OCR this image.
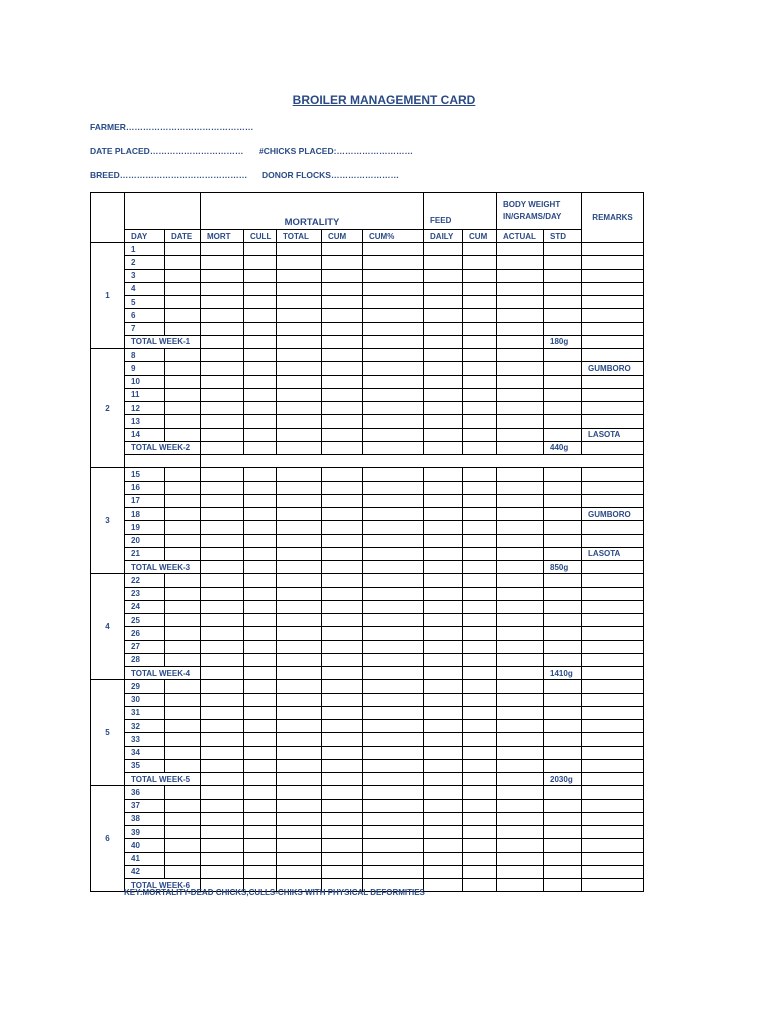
BROILER MANAGEMENT CARD
FARMER………………………………………
DATE PLACED…………………………… #CHICKS PLACED:………………………
BREED……………………………………… DONOR FLOCKS……………………
			MORTALITY					FEED		BODY WEIGHT IN/GRAMS/DAY		REMARKS
	DAY	DATE	MORT	CULL	TOTAL	CUM	CUM%	DAILY	CUM	ACTUAL	STD	
1	1											
	2											
	3											
	4											
	5											
	6											
	7											
	TOTAL WEEK-1										180g	
2	8											
	9											GUMBORO
	10											
	11											
	12											
	13											
	14											LASOTA
	TOTAL WEEK-2										440g	

3	15											
	16											
	17											
	18											GUMBORO
	19											
	20											
	21											LASOTA
	TOTAL WEEK-3										850g	
4	22											
	23											
	24											
	25											
	26											
	27											
	28											
	TOTAL WEEK-4										1410g	
5	29											
	30											
	31											
	32											
	33											
	34											
	35											
	TOTAL WEEK-5										2030g	
6	36											
	37											
	38											
	39											
	40											
	41											
	42											
	TOTAL WEEK-6											
KEY:MORTALITY-DEAD CHICKS,CULLS-CHIKS WITH PHYSICAL DEFORMITIES
